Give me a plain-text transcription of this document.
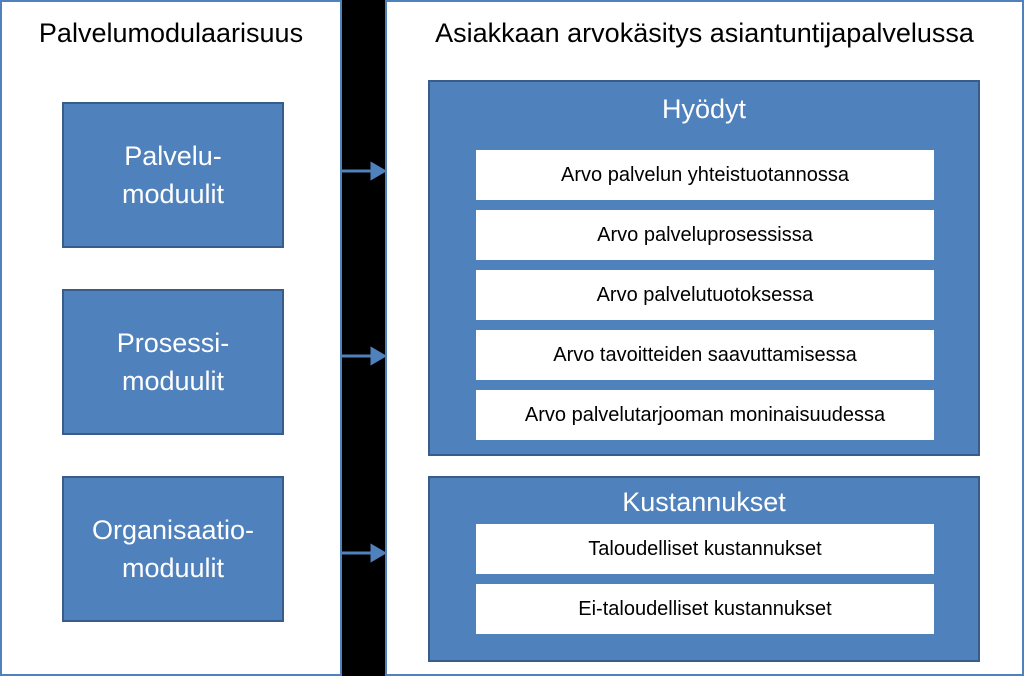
Palvelumodulaarisuus
Palvelu-
moduulit
Prosessi-
moduulit
Organisaatio-
moduulit
Asiakkaan arvokäsitys asiantuntijapalvelussa
Hyödyt
Arvo palvelun yhteistuotannossa
Arvo palveluprosessissa
Arvo palvelutuotoksessa
Arvo tavoitteiden saavuttamisessa
Arvo palvelutarjooman moninaisuudessa
Kustannukset
Taloudelliset kustannukset
Ei-taloudelliset kustannukset
